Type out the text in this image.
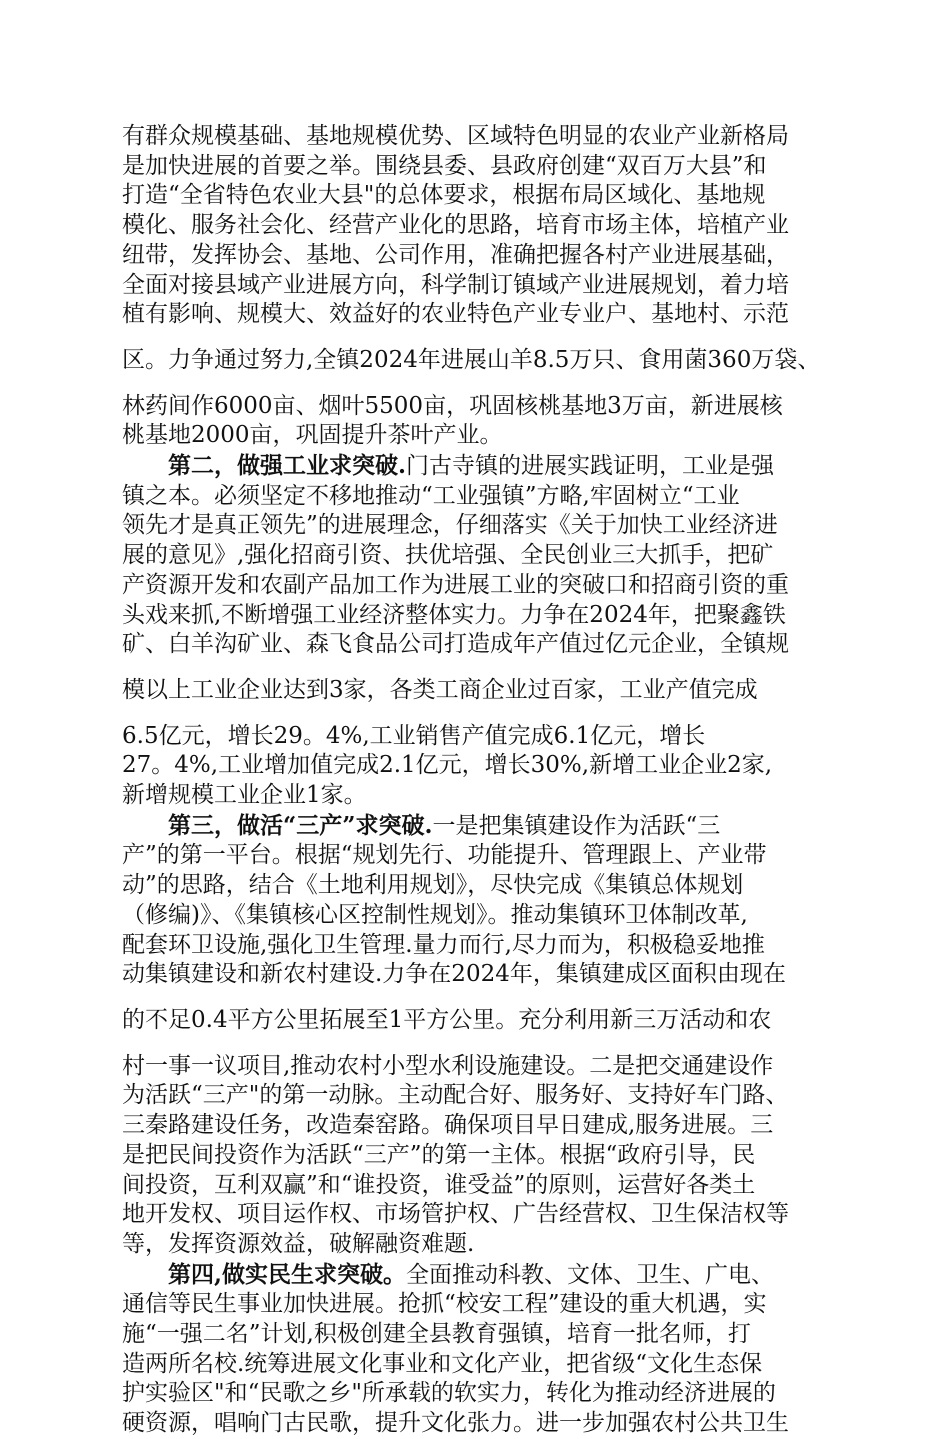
有群众规模基础、基地规模优势、区域特色明显的农业产业新格局
是加快进展的首要之举。围绕县委、县政府创建“双百万大县”和
打造“全省特色农业大县"的总体要求，根据布局区域化、基地规
模化、服务社会化、经营产业化的思路，培育市场主体，培植产业
纽带，发挥协会、基地、公司作用，准确把握各村产业进展基础，
全面对接县域产业进展方向，科学制订镇域产业进展规划，着力培
植有影响、规模大、效益好的农业特色产业专业户、基地村、示范
区。力争通过努力,全镇2024年进展山羊8.5万只、食用菌360万袋、
林药间作6000亩、烟叶5500亩，巩固核桃基地3万亩，新进展核
桃基地2000亩，巩固提升茶叶产业。
第二，做强工业求突破.门古寺镇的进展实践证明，工业是强
镇之本。必须坚定不移地推动“工业强镇”方略,牢固树立“工业
领先才是真正领先”的进展理念，仔细落实《关于加快工业经济进
展的意见》,强化招商引资、扶优培强、全民创业三大抓手，把矿
产资源开发和农副产品加工作为进展工业的突破口和招商引资的重
头戏来抓,不断增强工业经济整体实力。力争在2024年，把聚鑫铁
矿、白羊沟矿业、森飞食品公司打造成年产值过亿元企业，全镇规
模以上工业企业达到3家，各类工商企业过百家，工业产值完成
6.5亿元，增长29。4%,工业销售产值完成6.1亿元，增长
27。4%,工业增加值完成2.1亿元，增长30%,新增工业企业2家,
新增规模工业企业1家。
第三，做活“三产”求突破.一是把集镇建设作为活跃“三
产”的第一平台。根据“规划先行、功能提升、管理跟上、产业带
动”的思路，结合《土地利用规划》，尽快完成《集镇总体规划
（修编)》、《集镇核心区控制性规划》。推动集镇环卫体制改革,
配套环卫设施,强化卫生管理.量力而行,尽力而为，积极稳妥地推
动集镇建设和新农村建设.力争在2024年，集镇建成区面积由现在
的不足0.4平方公里拓展至1平方公里。充分利用新三万活动和农
村一事一议项目,推动农村小型水利设施建设。二是把交通建设作
为活跃“三产"的第一动脉。主动配合好、服务好、支持好车门路、
三秦路建设任务，改造秦窑路。确保项目早日建成,服务进展。三
是把民间投资作为活跃“三产”的第一主体。根据“政府引导，民
间投资，互利双赢”和“谁投资，谁受益”的原则，运营好各类土
地开发权、项目运作权、市场管护权、广告经营权、卫生保洁权等
等，发挥资源效益，破解融资难题.
第四,做实民生求突破。全面推动科教、文体、卫生、广电、
通信等民生事业加快进展。抢抓“校安工程”建设的重大机遇，实
施“一强二名”计划,积极创建全县教育强镇，培育一批名师，打
造两所名校.统筹进展文化事业和文化产业，把省级“文化生态保
护实验区"和“民歌之乡"所承载的软实力，转化为推动经济进展的
硬资源，唱响门古民歌，提升文化张力。进一步加强农村公共卫生
